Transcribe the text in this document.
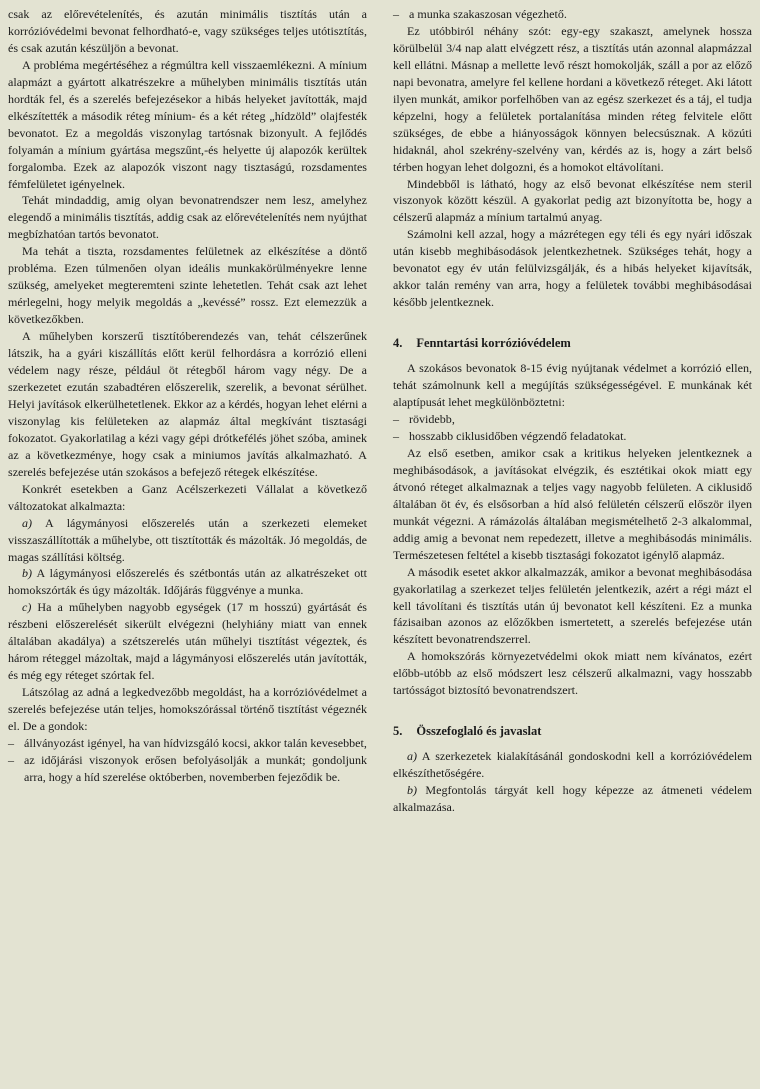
csak az előrevételenítés, és azután minimális tisztítás után a korrózióvédelmi bevonat felhordható-e, vagy szükséges teljes utótisztítás, és csak azután készüljön a bevonat.

A probléma megértéséhez a régmúltra kell visszaemlékezni. A mínium alapmázt a gyártott alkatrészekre a műhelyben minimális tisztítás után hordták fel, és a szerelés befejezésekor a hibás helyeket javították, majd elkészítették a második réteg mínium- és a két réteg „hídzöld” olajfesték bevonatot. Ez a megoldás viszonylag tartósnak bizonyult. A fejlődés folyamán a mínium gyártása megszűnt,-és helyette új alapozók kerültek forgalomba. Ezek az alapozók viszont nagy tisztaságú, rozsdamentes fémfelületet igényelnek.

Tehát mindaddig, amig olyan bevonatrendszer nem lesz, amelyhez elegendő a minimális tisztítás, addig csak az előrevételenítés nem nyújthat megbízhatóan tartós bevonatot.

Ma tehát a tiszta, rozsdamentes felületnek az elkészítése a döntő probléma. Ezen túlmenően olyan ideális munkakörülményekre lenne szükség, amelyeket megteremteni szinte lehetetlen. Tehát csak azt lehet mérlegelni, hogy melyik megoldás a „kevéssé” rossz. Ezt elemezzük a következőkben.

A műhelyben korszerű tisztítóberendezés van, tehát célszerűnek látszik, ha a gyári kiszállítás előtt kerül felhordásra a korrózió elleni védelem nagy része, például öt rétegből három vagy négy. De a szerkezetet ezután szabadtéren előszerelik, szerelik, a bevonat sérülhet. Helyi javítások elkerülhetetlenek. Ekkor az a kérdés, hogyan lehet elérni a viszonylag kis felületeken az alapmáz által megkívánt tisztasági fokozatot. Gyakorlatilag a kézi vagy gépi drótkefélés jöhet szóba, aminek az a következménye, hogy csak a miniumos javítás alkalmazható. A szerelés befejezése után szokásos a befejező rétegek elkészítése.

Konkrét esetekben a Ganz Acélszerkezeti Vállalat a következő változatokat alkalmazta:

a) A lágymányosi előszerelés után a szerkezeti elemeket visszaszállították a műhelybe, ott tisztították és mázolták. Jó megoldás, de magas szállítási költség.

b) A lágymányosi előszerelés és szétbontás után az alkatrészeket ott homokszórták és úgy mázolták. Időjárás függvénye a munka.

c) Ha a műhelyben nagyobb egységek (17 m hosszú) gyártását és részbeni előszerelését sikerült elvégezni (helyhiány miatt van ennek általában akadálya) a szétszerelés után műhelyi tisztítást végeztek, és három réteggel mázoltak, majd a lágymányosi előszerelés után javították, és még egy réteget szórtak fel.

Látszólag az adná a legkedvezőbb megoldást, ha a korrózióvédelmet a szerelés befejezése után teljes, homokszórással történő tisztítást végeznék el. De a gondok:

– állványozást igényel, ha van hídvizsgáló kocsi, akkor talán kevesebbet,

– az időjárási viszonyok erősen befolyásolják a munkát; gondoljunk arra, hogy a híd szerelése októberben, novemberben fejeződik be.

– a munka szakaszosan végezhető.

Ez utóbbiról néhány szót: egy-egy szakaszt, amelynek hossza körülbelül 3/4 nap alatt elvégzett rész, a tisztítás után azonnal alapmázzal kell ellátni. Másnap a mellette levő részt homokolják, száll a por az előző napi bevonatra, amelyre fel kellene hordani a következő réteget. Aki látott ilyen munkát, amikor porfelhőben van az egész szerkezet és a táj, el tudja képzelni, hogy a felületek portalanítása minden réteg felvitele előtt szükséges, de ebbe a hiányosságok könnyen belecsúsznak. A közúti hidaknál, ahol szekrény-szelvény van, kérdés az is, hogy a zárt belső térben hogyan lehet dolgozni, és a homokot eltávolítani.

Mindebből is látható, hogy az első bevonat elkészítése nem steril viszonyok között készül. A gyakorlat pedig azt bizonyította be, hogy a célszerű alapmáz a mínium tartalmú anyag.

Számolni kell azzal, hogy a mázrétegen egy téli és egy nyári időszak után kisebb meghibásodások jelentkezhetnek. Szükséges tehát, hogy a bevonatot egy év után felülvizsgálják, és a hibás helyeket kijavítsák, akkor talán remény van arra, hogy a felületek további meghibásodásai később jelentkeznek.

4. Fenntartási korrózióvédelem

A szokásos bevonatok 8-15 évig nyújtanak védelmet a korrózió ellen, tehát számolnunk kell a megújítás szükségességével. E munkának két alaptípusát lehet megkülönböztetni:

– rövidebb,

– hosszabb ciklusidőben végzendő feladatokat.

Az első esetben, amikor csak a kritikus helyeken jelentkeznek a meghibásodások, a javításokat elvégzik, és esztétikai okok miatt egy átvonó réteget alkalmaznak a teljes vagy nagyobb felületen. A ciklusidő általában öt év, és elsősorban a híd alsó felületén célszerű először ilyen munkát végezni. A rámázolás általában megismételhető 2-3 alkalommal, addig amig a bevonat nem repedezett, illetve a meghibásodás minimális. Természetesen feltétel a kisebb tisztasági fokozatot igénylő alapmáz.

A második esetet akkor alkalmazzák, amikor a bevonat meghibásodása gyakorlatilag a szerkezet teljes felületén jelentkezik, azért a régi mázt el kell távolítani és tisztítás után új bevonatot kell készíteni. Ez a munka fázisaiban azonos az előzőkben ismertetett, a szerelés befejezése után készített bevonatrendszerrel.

A homokszórás környezetvédelmi okok miatt nem kívánatos, ezért előbb-utóbb az első módszert lesz célszerű alkalmazni, vagy hosszabb tartósságot biztosító bevonatrendszert.

5. Összefoglaló és javaslat

a) A szerkezetek kialakításánál gondoskodni kell a korrózióvédelem elkészíthetőségére.

b) Megfontolás tárgyát kell hogy képezze az átmeneti védelem alkalmazása.
